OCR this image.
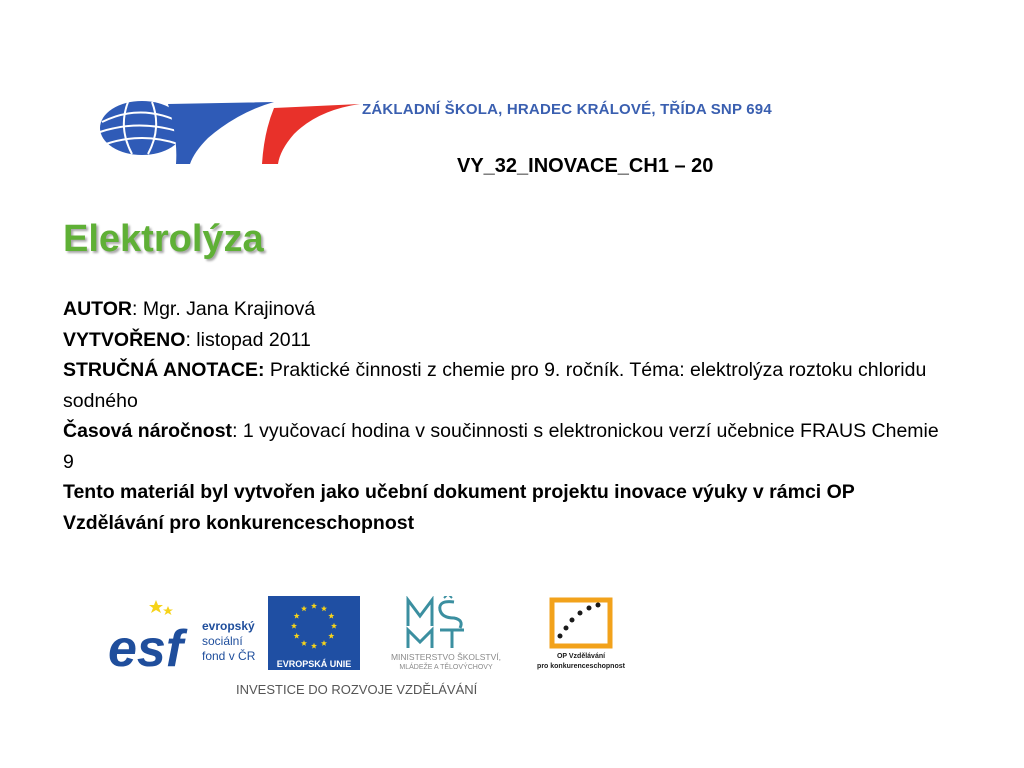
ZÁKLADNÍ ŠKOLA, HRADEC KRÁLOVÉ, TŘÍDA SNP 694
VY_32_INOVACE_CH1 – 20
Elektrolýza

AUTOR: Mgr. Jana Krajinová

VYTVOŘENO: listopad 2011

STRUČNÁ ANOTACE: Praktické činnosti z chemie pro 9. ročník. Téma: elektrolýza roztoku chloridu sodného

Časová náročnost: 1 vyučovací hodina v součinnosti s elektronickou verzí učebnice FRAUS Chemie 9

Tento materiál byl vytvořen jako učební dokument projektu inovace výuky v rámci OP Vzdělávání pro konkurenceschopnost

esf	evropský
sociální
fond v ČR
EVROPSKÁ UNIE
MINISTERSTVO ŠKOLSTVÍ,
MLÁDEŽE A TĚLOVÝCHOVY
OP Vzdělávání
pro konkurenceschopnost
INVESTICE DO ROZVOJE VZDĚLÁVÁNÍ
